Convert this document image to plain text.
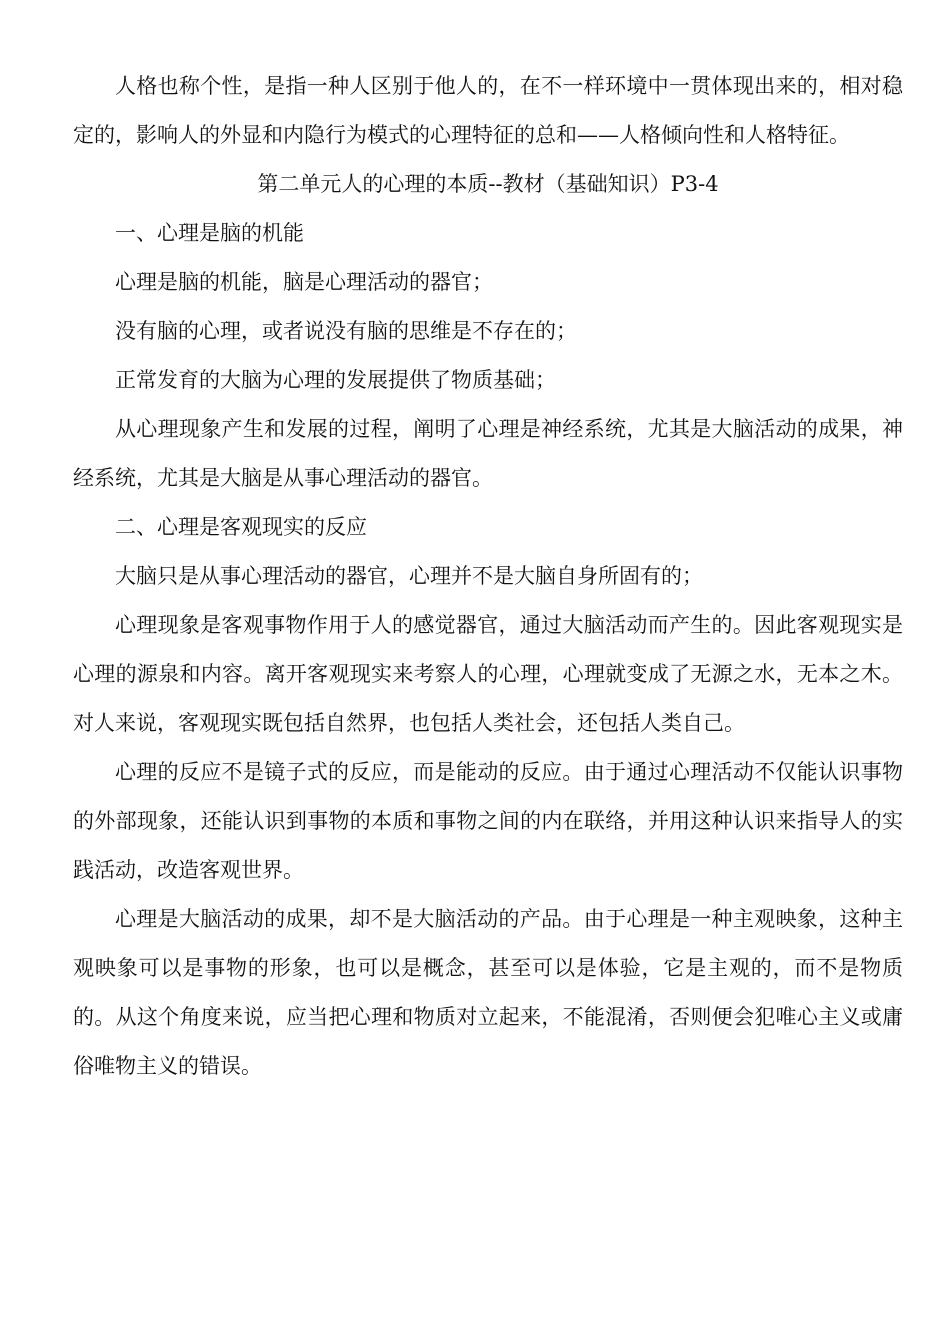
人格也称个性，是指一种人区别于他人的，在不一样环境中一贯体现出来的，相对稳定的，影响人的外显和内隐行为模式的心理特征的总和——人格倾向性和人格特征。

第二单元人的心理的本质--教材（基础知识）P3-4

一、心理是脑的机能

心理是脑的机能，脑是心理活动的器官；

没有脑的心理，或者说没有脑的思维是不存在的；

正常发育的大脑为心理的发展提供了物质基础；

从心理现象产生和发展的过程，阐明了心理是神经系统，尤其是大脑活动的成果，神经系统，尤其是大脑是从事心理活动的器官。

二、心理是客观现实的反应

大脑只是从事心理活动的器官，心理并不是大脑自身所固有的；

心理现象是客观事物作用于人的感觉器官，通过大脑活动而产生的。因此客观现实是心理的源泉和内容。离开客观现实来考察人的心理，心理就变成了无源之水，无本之木。对人来说，客观现实既包括自然界，也包括人类社会，还包括人类自己。

心理的反应不是镜子式的反应，而是能动的反应。由于通过心理活动不仅能认识事物的外部现象，还能认识到事物的本质和事物之间的内在联络，并用这种认识来指导人的实践活动，改造客观世界。

心理是大脑活动的成果，却不是大脑活动的产品。由于心理是一种主观映象，这种主观映象可以是事物的形象，也可以是概念，甚至可以是体验，它是主观的，而不是物质的。从这个角度来说，应当把心理和物质对立起来，不能混淆，否则便会犯唯心主义或庸俗唯物主义的错误。
